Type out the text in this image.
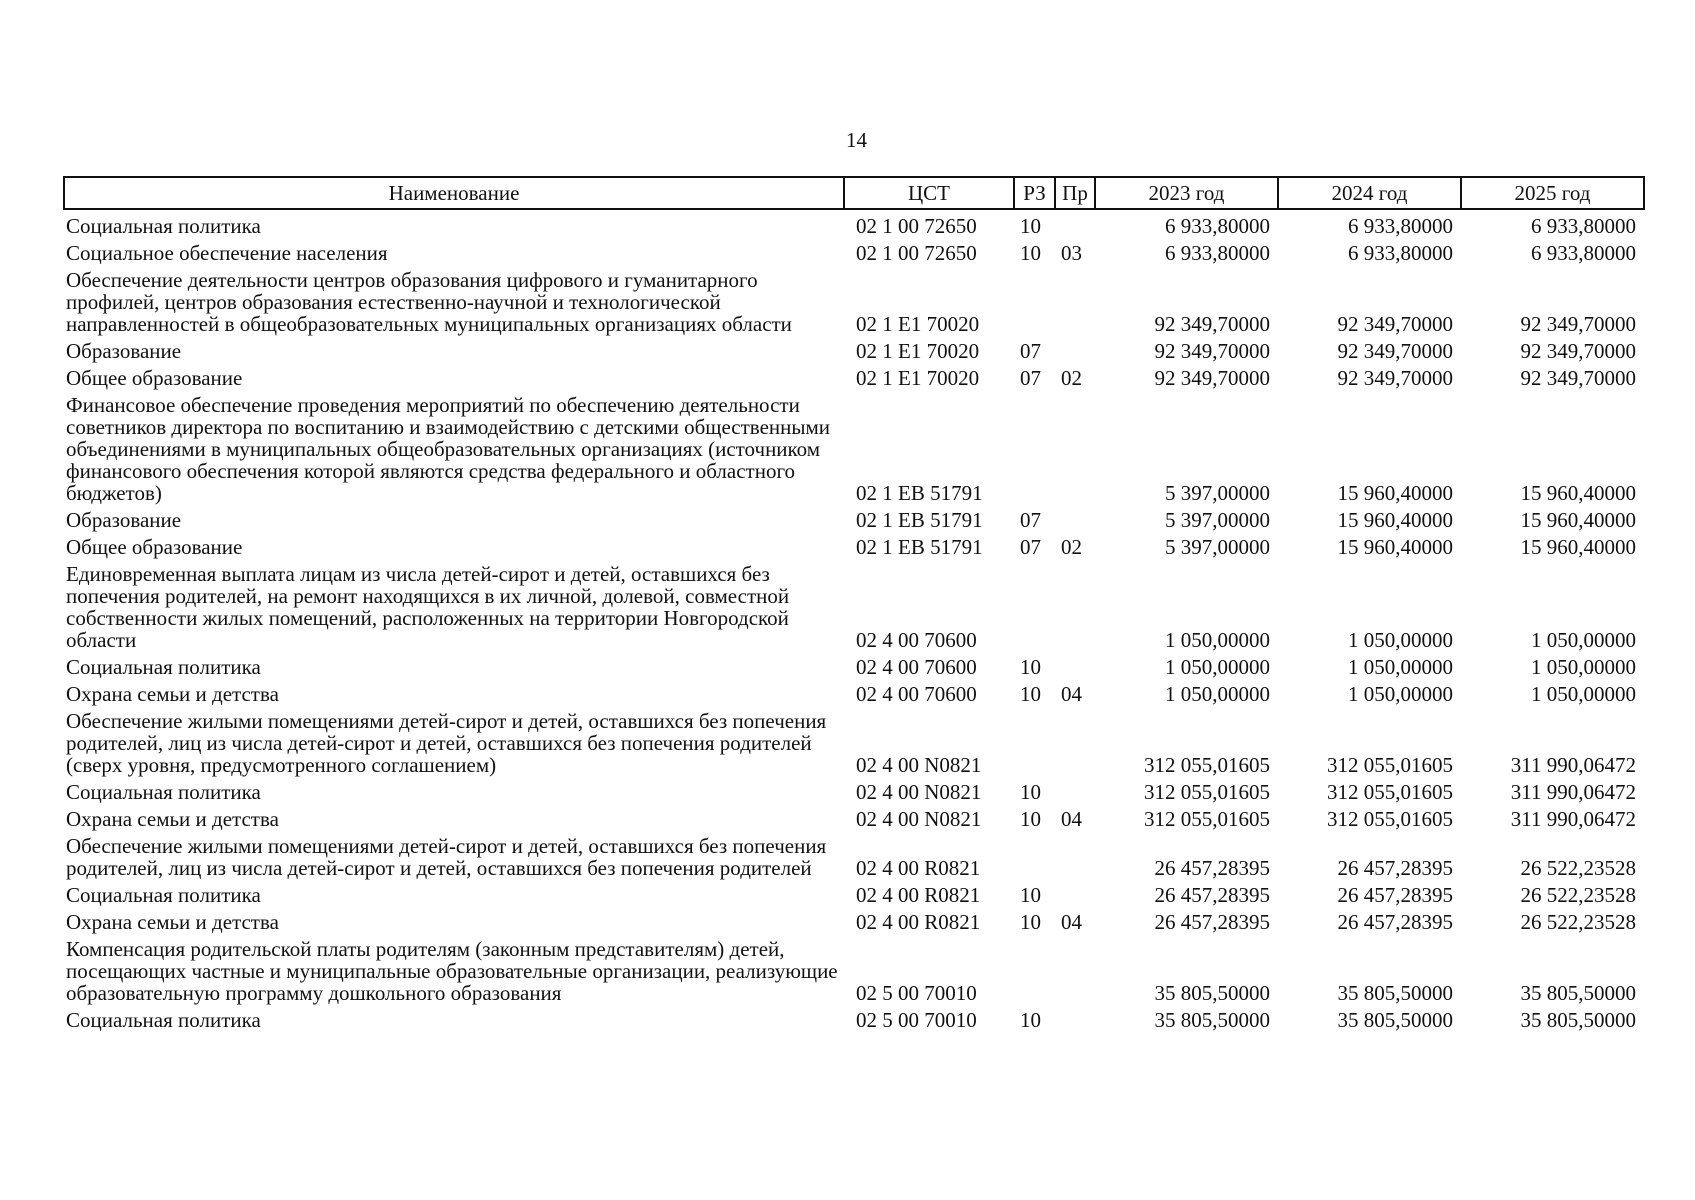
14
Наименование	ЦСТ	РЗ	Пр	2023 год	2024 год	2025 год
Социальная политика	02 1 00 72650	10		6 933,80000	6 933,80000	6 933,80000
Социальное обеспечение населения	02 1 00 72650	10	03	6 933,80000	6 933,80000	6 933,80000
Обеспечение деятельности центров образования цифрового и гуманитарного профилей, центров образования естественно-научной и технологической направленностей в общеобразовательных муниципальных организациях области	02 1 Е1 70020			92 349,70000	92 349,70000	92 349,70000
Образование	02 1 Е1 70020	07		92 349,70000	92 349,70000	92 349,70000
Общее образование	02 1 Е1 70020	07	02	92 349,70000	92 349,70000	92 349,70000
Финансовое обеспечение проведения мероприятий по обеспечению деятельности советников директора по воспитанию и взаимодействию с детскими общественными объединениями в муниципальных общеобразовательных организациях (источником финансового обеспечения которой являются средства федерального и областного бюджетов)	02 1 ЕВ 51791			5 397,00000	15 960,40000	15 960,40000
Образование	02 1 ЕВ 51791	07		5 397,00000	15 960,40000	15 960,40000
Общее образование	02 1 ЕВ 51791	07	02	5 397,00000	15 960,40000	15 960,40000
Единовременная выплата лицам из числа детей-сирот и детей, оставшихся без попечения родителей, на ремонт находящихся в их личной, долевой, совместной собственности жилых помещений, расположенных на территории Новгородской области	02 4 00 70600			1 050,00000	1 050,00000	1 050,00000
Социальная политика	02 4 00 70600	10		1 050,00000	1 050,00000	1 050,00000
Охрана семьи и детства	02 4 00 70600	10	04	1 050,00000	1 050,00000	1 050,00000
Обеспечение жилыми помещениями детей-сирот и детей, оставшихся без попечения родителей, лиц из числа детей-сирот и детей, оставшихся без попечения родителей (сверх уровня, предусмотренного соглашением)	02 4 00 N0821			312 055,01605	312 055,01605	311 990,06472
Социальная политика	02 4 00 N0821	10		312 055,01605	312 055,01605	311 990,06472
Охрана семьи и детства	02 4 00 N0821	10	04	312 055,01605	312 055,01605	311 990,06472
Обеспечение жилыми помещениями детей-сирот и детей, оставшихся без попечения родителей, лиц из числа детей-сирот и детей, оставшихся без попечения родителей	02 4 00 R0821			26 457,28395	26 457,28395	26 522,23528
Социальная политика	02 4 00 R0821	10		26 457,28395	26 457,28395	26 522,23528
Охрана семьи и детства	02 4 00 R0821	10	04	26 457,28395	26 457,28395	26 522,23528
Компенсация родительской платы родителям (законным представителям) детей, посещающих частные и муниципальные образовательные организации, реализующие образовательную программу дошкольного образования	02 5 00 70010			35 805,50000	35 805,50000	35 805,50000
Социальная политика	02 5 00 70010	10		35 805,50000	35 805,50000	35 805,50000
